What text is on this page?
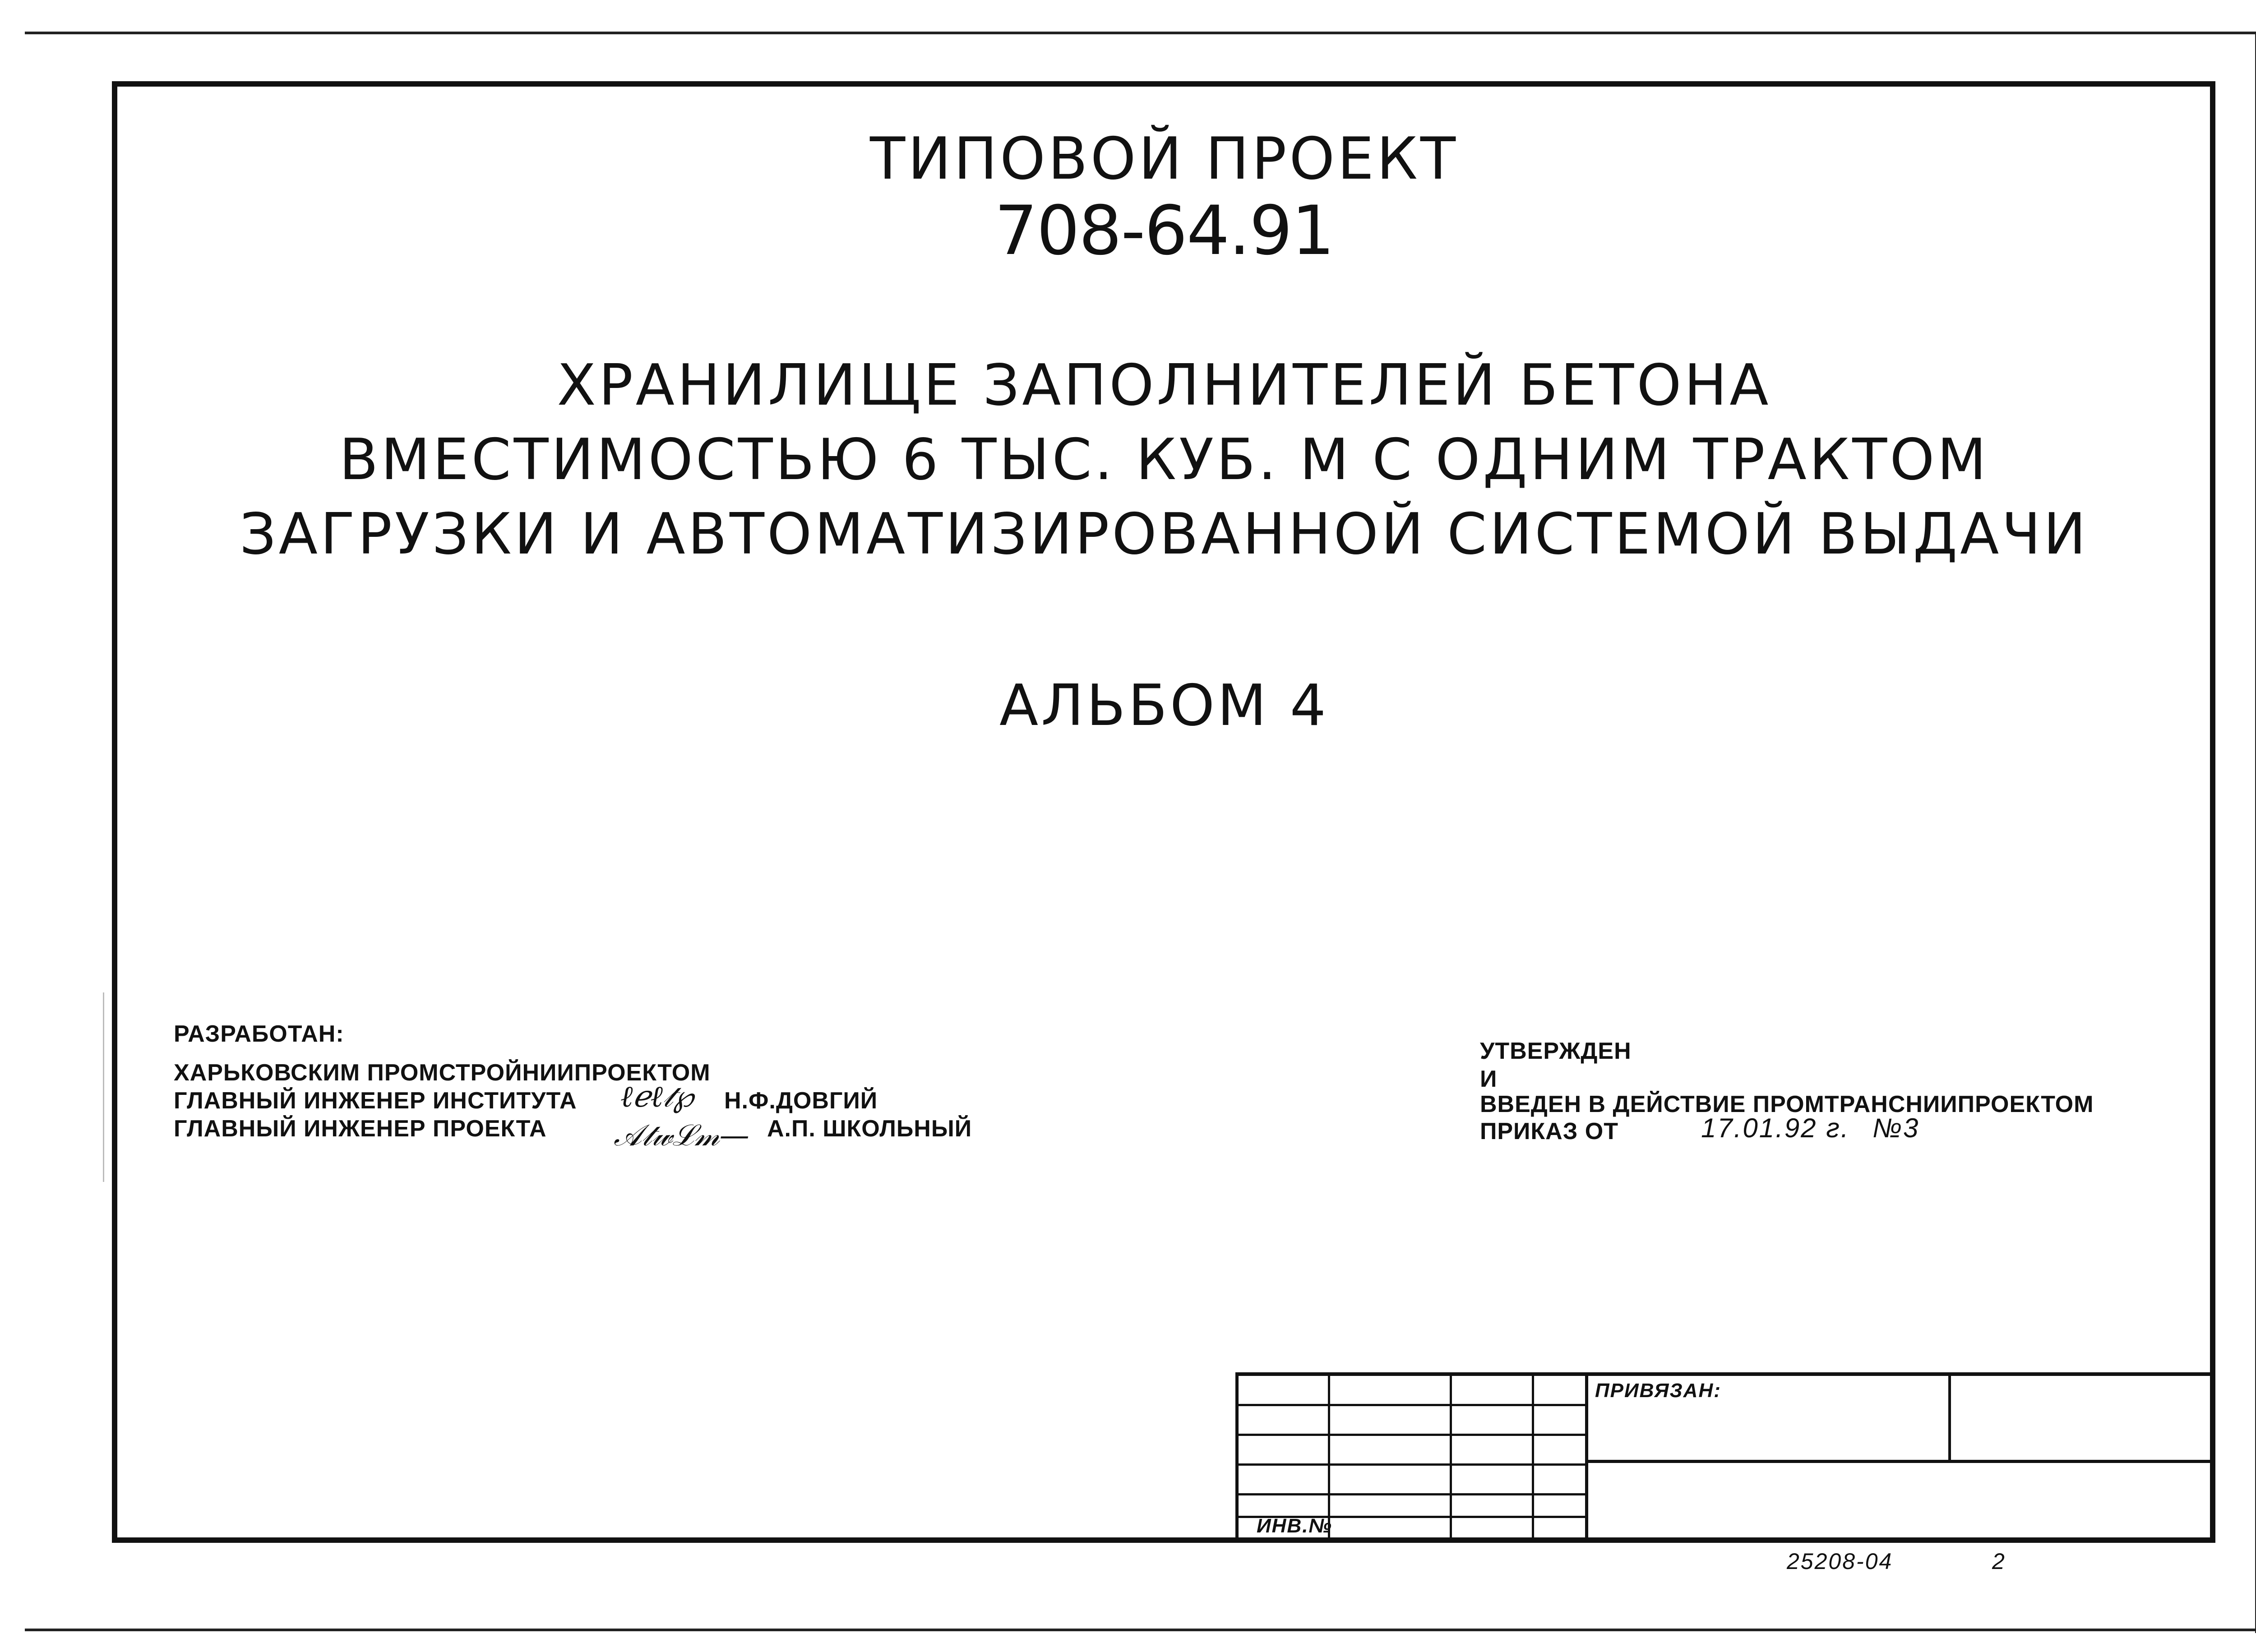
ТИПОВОЙ ПРОЕКТ
708-64.91
ХРАНИЛИЩЕ ЗАПОЛНИТЕЛЕЙ БЕТОНА
ВМЕСТИМОСТЬЮ 6 ТЫС. КУБ. М С ОДНИМ ТРАКТОМ
ЗАГРУЗКИ И АВТОМАТИЗИРОВАННОЙ СИСТЕМОЙ ВЫДАЧИ
АЛЬБОМ 4
РАЗРАБОТАН:
ХАРЬКОВСКИМ ПРОМСТРОЙНИИПРОЕКТОМ
ГЛАВНЫЙ ИНЖЕНЕР ИНСТИТУТА ℓℯℓ𝓉℘ Н.Ф.ДОВГИЙ
ГЛАВНЫЙ ИНЖЕНЕР ПРОЕКТА 𝒜𝓉𝓌ℒ𝓂— А.П. ШКОЛЬНЫЙ
УТВЕРЖДЕН
И
ВВЕДЕН В ДЕЙСТВИЕ ПРОМТРАНСНИИПРОЕКТОМ
ПРИКАЗ ОТ	17.01.92 г. №3
ПРИВЯЗАН:
ИНВ.№
25208-04	2
